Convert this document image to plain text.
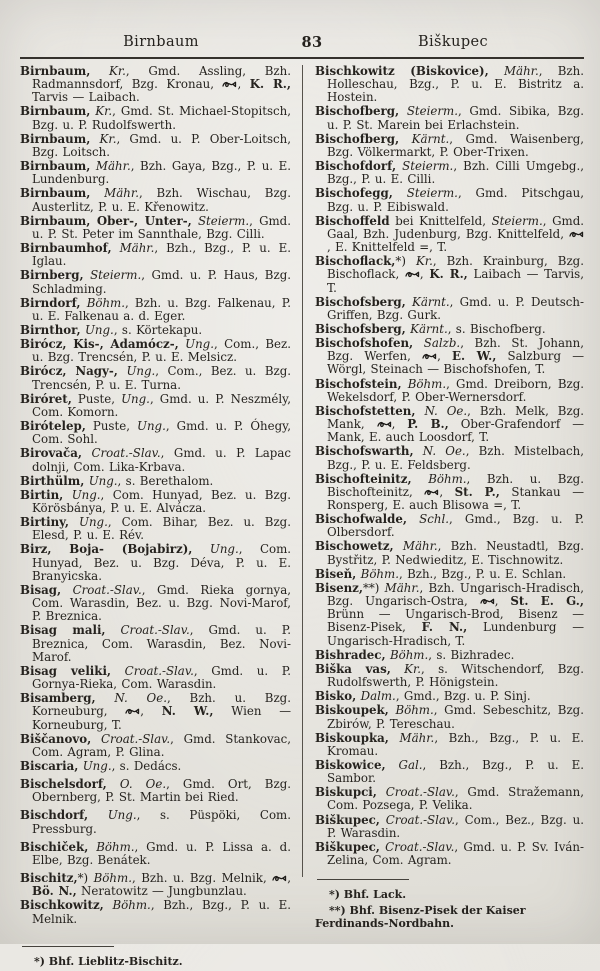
Birnbaum	83	Biškupec

Birnbaum, Kr., Gmd. Assling, Bzh. Radmannsdorf, Bzg. Kronau, , K. R., Tarvis — Laibach.

Birnbaum, Kr., Gmd. St. Michael-Stopitsch, Bzg. u. P. Rudolfswerth.

Birnbaum, Kr., Gmd. u. P. Ober-Loitsch, Bzg. Loitsch.

Birnbaum, Mähr., Bzh. Gaya, Bzg., P. u. E. Lundenburg.

Birnbaum, Mähr., Bzh. Wischau, Bzg. Austerlitz, P. u. E. Křenowitz.

Birnbaum, Ober-, Unter-, Steierm., Gmd. u. P. St. Peter im Sannthale, Bzg. Cilli.

Birnbaumhof, Mähr., Bzh., Bzg., P. u. E. Iglau.

Birnberg, Steierm., Gmd. u. P. Haus, Bzg. Schladming.

Birndorf, Böhm., Bzh. u. Bzg. Falkenau, P. u. E. Falkenau a. d. Eger.

Birnthor, Ung., s. Körtekapu.

Birócz, Kis-, Adamócz-, Ung., Com., Bez. u. Bzg. Trencsén, P. u. E. Melsicz.

Birócz, Nagy-, Ung., Com., Bez. u. Bzg. Trencsén, P. u. E. Turna.

Biróret, Puste, Ung., Gmd. u. P. Neszmély, Com. Komorn.

Birótelep, Puste, Ung., Gmd. u. P. Óhegy, Com. Sohl.

Birovača, Croat.-Slav., Gmd. u. P. Lapac dolnji, Com. Lika-Krbava.

Birthülm, Ung., s. Berethalom.

Birtin, Ung., Com. Hunyad, Bez. u. Bzg. Körösbánya, P. u. E. Alvácza.

Birtiny, Ung., Com. Bihar, Bez. u. Bzg. Elesd, P. u. E. Rév.

Birz, Boja- (Bojabirz), Ung., Com. Hunyad, Bez. u. Bzg. Déva, P. u. E. Branyicska.

Bisag, Croat.-Slav., Gmd. Rieka gornya, Com. Warasdin, Bez. u. Bzg. Novi-Marof, P. Breznica.

Bisag mali, Croat.-Slav., Gmd. u. P. Breznica, Com. Warasdin, Bez. Novi-Marof.

Bisag veliki, Croat.-Slav., Gmd. u. P. Gornya-Rieka, Com. Warasdin.

Bisamberg, N. Oe., Bzh. u. Bzg. Korneuburg, , N. W., Wien — Korneuburg, T.

Biščanovo, Croat.-Slav., Gmd. Stankovac, Com. Agram, P. Glina.

Biscaria, Ung., s. Dedács.

Bischelsdorf, O. Oe., Gmd. Ort, Bzg. Obernberg, P. St. Martin bei Ried.

Bischdorf, Ung., s. Püspöki, Com. Pressburg.

Bischiček, Böhm., Gmd. u. P. Lissa a. d. Elbe, Bzg. Benátek.

Bischitz,*) Böhm., Bzh. u. Bzg. Melnik, , Bö. N., Neratowitz — Jungbunzlau.

Bischkowitz, Böhm., Bzh., Bzg., P. u. E. Melnik.

*) Bhf. Lieblitz-Bischitz.

Bischkowitz (Biskovice), Mähr., Bzh. Holleschau, Bzg., P. u. E. Bistritz a. Hostein.

Bischofberg, Steierm., Gmd. Sibika, Bzg. u. P. St. Marein bei Erlachstein.

Bischofberg, Kärnt., Gmd. Waisenberg, Bzg. Völkermarkt, P. Ober-Trixen.

Bischofdorf, Steierm., Bzh. Cilli Umgebg., Bzg., P. u. E. Cilli.

Bischofegg, Steierm., Gmd. Pitschgau, Bzg. u. P. Eibiswald.

Bischoffeld bei Knittelfeld, Steierm., Gmd. Gaal, Bzh. Judenburg, Bzg. Knittelfeld, , E. Knittelfeld =, T.

Bischoflack,*) Kr., Bzh. Krainburg, Bzg. Bischoflack, , K. R., Laibach — Tarvis, T.

Bischofsberg, Kärnt., Gmd. u. P. Deutsch-Griffen, Bzg. Gurk.

Bischofsberg, Kärnt., s. Bischofberg.

Bischofshofen, Salzb., Bzh. St. Johann, Bzg. Werfen, , E. W., Salzburg — Wörgl, Steinach — Bischofshofen, T.

Bischofstein, Böhm., Gmd. Dreiborn, Bzg. Wekelsdorf, P. Ober-Wernersdorf.

Bischofstetten, N. Oe., Bzh. Melk, Bzg. Mank, , P. B., Ober-Grafendorf — Mank, E. auch Loosdorf, T.

Bischofswarth, N. Oe., Bzh. Mistelbach, Bzg., P. u. E. Feldsberg.

Bischofteinitz, Böhm., Bzh. u. Bzg. Bischofteinitz, , St. P., Stankau — Ronsperg, E. auch Blisowa =, T.

Bischofwalde, Schl., Gmd., Bzg. u. P. Olbersdorf.

Bischowetz, Mähr., Bzh. Neustadtl, Bzg. Bystřitz, P. Nedwieditz, E. Tischnowitz.

Biseň, Böhm., Bzh., Bzg., P. u. E. Schlan.

Bisenz,**) Mähr., Bzh. Ungarisch-Hradisch, Bzg. Ungarisch-Ostra, , St. E. G., Brünn — Ungarisch-Brod, Bisenz — Bisenz-Pisek, F. N., Lundenburg — Ungarisch-Hradisch, T.

Bishradec, Böhm., s. Bizhradec.

Biška vas, Kr., s. Witschendorf, Bzg. Rudolfswerth, P. Hönigstein.

Bisko, Dalm., Gmd., Bzg. u. P. Sinj.

Biskoupek, Böhm., Gmd. Sebeschitz, Bzg. Zbirów, P. Tereschau.

Biskoupka, Mähr., Bzh., Bzg., P. u. E. Kromau.

Biskowice, Gal., Bzh., Bzg., P. u. E. Sambor.

Biskupci, Croat.-Slav., Gmd. Stražemann, Com. Pozsega, P. Velika.

Biškupec, Croat.-Slav., Com., Bez., Bzg. u. P. Warasdin.

Biškupec, Croat.-Slav., Gmd. u. P. Sv. Iván-Zelina, Com. Agram.

*) Bhf. Lack.

**) Bhf. Bisenz-Pisek der Kaiser Ferdinands-Nordbahn.
